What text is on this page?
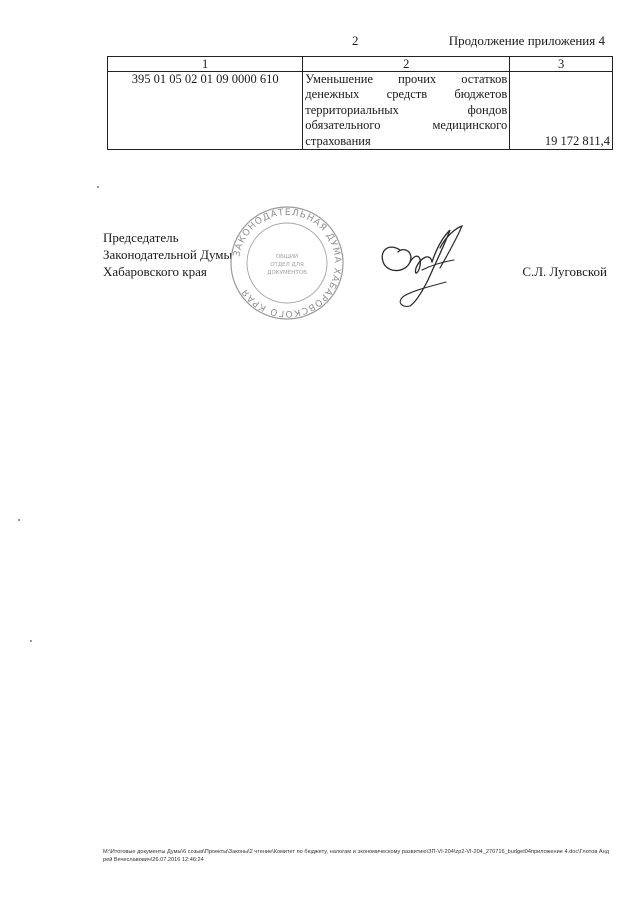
2	Продолжение приложения 4
1	2	3
395 01 05 02 01 09 0000 610	Уменьшение прочих остатков
денежных средств бюджетов
территориальных фондов
обязательного медицинского
страхования	19 172 811,4
Председатель
Законодательной Думы
Хабаровского края
ЗАКОНОДАТЕЛЬНАЯ ДУМА ХАБАРОВСКОГО КРАЯ
ОБЩИЙ
ОТДЕЛ ДЛЯ
ДОКУМЕНТОВ	С.Л. Луговской
M:\Итоговые документы Думы\6 созыв\Проекты\Законы\2 чтение\Комитет по бюджету, налогам и экономическому развитию\ЗП-VI-204\zp2-VI-204_270716_budget04приложение 4.doc\Глотов Андрей Вячеславович\26.07.2016 12:46:24
